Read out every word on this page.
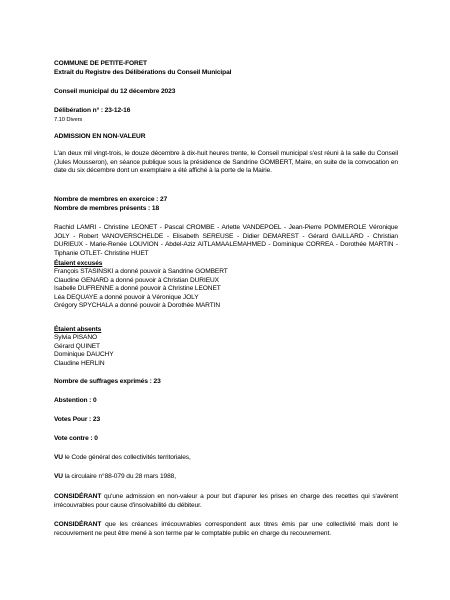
COMMUNE DE PETITE-FORET
Extrait du Registre des Délibérations du Conseil Municipal
Conseil municipal du 12 décembre 2023
Délibération n° : 23-12-16
7.10 Divers
ADMISSION EN NON-VALEUR
L'an deux mil vingt-trois, le douze décembre à dix-huit heures trente, le Conseil municipal s'est réuni à la salle du Conseil (Jules Mousseron), en séance publique sous la présidence de Sandrine GOMBERT, Maire, en suite de la convocation en date du six décembre dont un exemplaire a été affiché à la porte de la Mairie.
Nombre de membres en exercice : 27
Nombre de membres présents : 18
Rachid LAMRI - Christine LEONET - Pascal CROMBE - Arlette VANDEPOEL - Jean-Pierre POMMEROLE Véronique JOLY - Robert VANOVERSCHELDE - Elisabeth SEREUSE - Didier DEMAREST - Gérard GAILLARD - Christian DURIEUX - Marie-Renée LOUVION - Abdel-Aziz AITLAMAALEMAHMED - Dominique CORREA - Dorothée MARTIN - Tiphanie OTLET- Christine HUET
Étaient excusés
François STASINSKI a donné pouvoir à Sandrine GOMBERT
Claudine GENARD a donné pouvoir à Christian DURIEUX
Isabelle DUFRENNE a donné pouvoir à Christine LEONET
Léa DEQUAYE a donné pouvoir à Véronique JOLY
Grégory SPYCHALA a donné pouvoir à Dorothée MARTIN
Étaient absents
Sylvia PISANO
Gérard QUINET
Dominique DAUCHY
Claudine HERLIN
Nombre de suffrages exprimés : 23
Abstention : 0
Votes Pour : 23
Vote contre : 0
VU le Code général des collectivités territoriales,
VU la circulaire n°88-079 du 28 mars 1988,
CONSIDÉRANT qu'une admission en non-valeur a pour but d'apurer les prises en charge des recettes qui s'avèrent irrécouvrables pour cause d'insolvabilité du débiteur.
CONSIDÉRANT que les créances irrécouvrables correspondent aux titres émis par une collectivité mais dont le recouvrement ne peut être mené à son terme par le comptable public en charge du recouvrement.
